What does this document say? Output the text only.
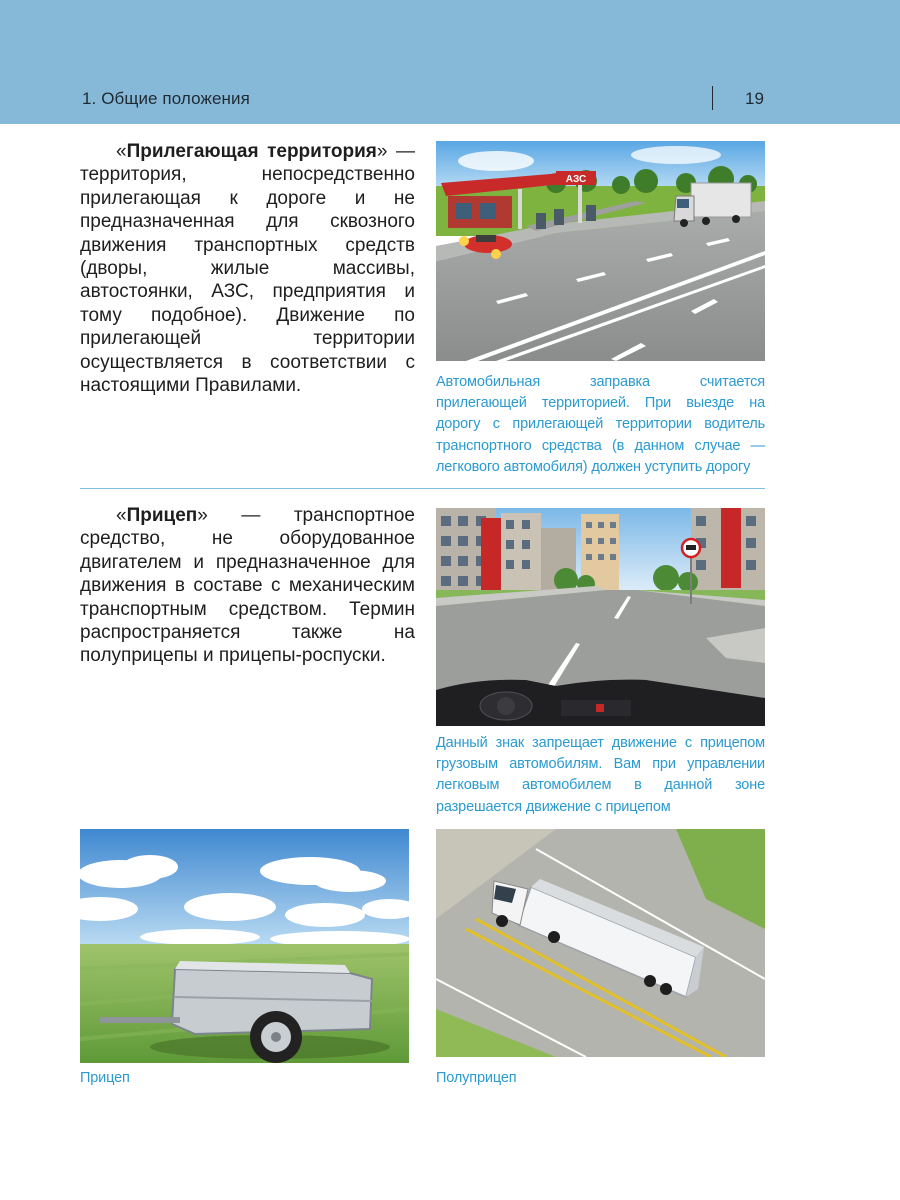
1. Общие положения	19
«Прилегающая территория» — территория, непосредственно прилегающая к дороге и не предназначенная для сквозного движения транспортных средств (дворы, жилые массивы, автостоянки, АЗС, предприятия и тому подобное). Движение по прилегающей территории осуществляется в соответствии с настоящими Правилами.
АЗС
Автомобильная заправка считается прилегающей территорией. При выезде на дорогу с прилегающей территории водитель транспортного средства (в данном случае — легкового автомобиля) должен уступить дорогу
«Прицеп» — транспортное средство, не оборудованное двигателем и предназначенное для движения в составе с механическим транспортным средством. Термин распространяется также на полуприцепы и прицепы-роспуски.
Данный знак запрещает движение с прицепом грузовым автомобилям. Вам при управлении легковым автомобилем в данной зоне разрешается движение с прицепом
Прицеп	Полуприцеп
